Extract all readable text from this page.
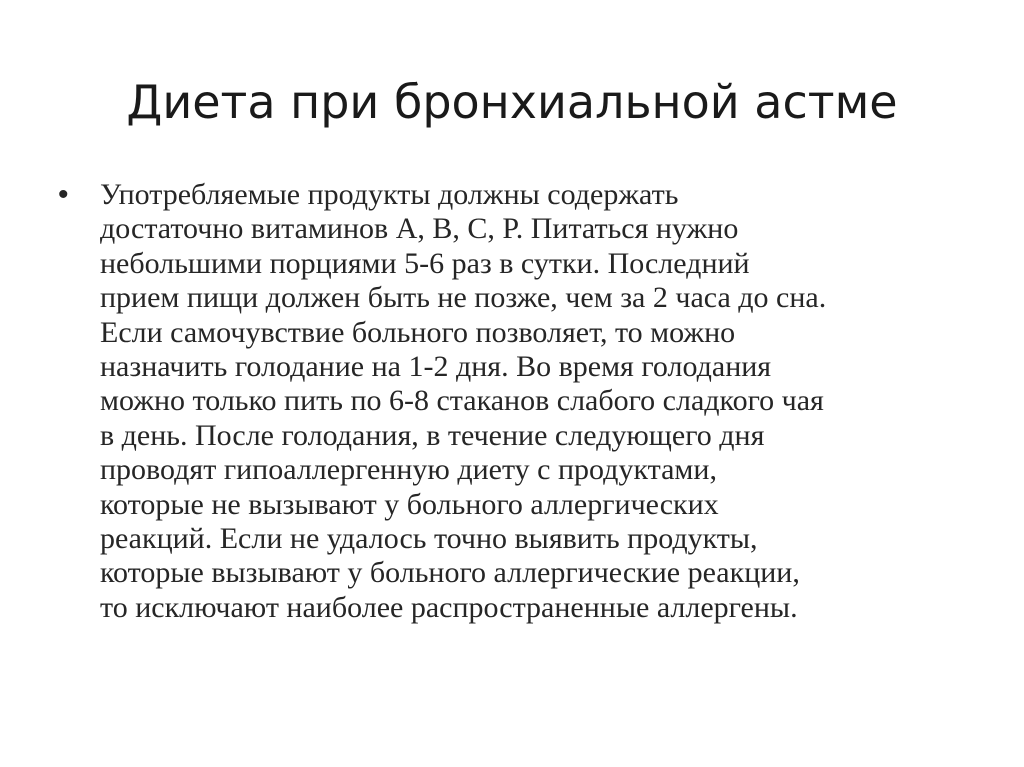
Диета при бронхиальной астме
• Употребляемые продукты должны содержать
достаточно витаминов A, B, C, P. Питаться нужно
небольшими порциями 5-6 раз в сутки. Последний
прием пищи должен быть не позже, чем за 2 часа до сна.
Если самочувствие больного позволяет, то можно
назначить голодание на 1-2 дня. Во время голодания
можно только пить по 6-8 стаканов слабого сладкого чая
в день. После голодания, в течение следующего дня
проводят гипоаллергенную диету с продуктами,
которые не вызывают у больного аллергических
реакций. Если не удалось точно выявить продукты,
которые вызывают у больного аллергические реакции,
то исключают наиболее распространенные аллергены.
